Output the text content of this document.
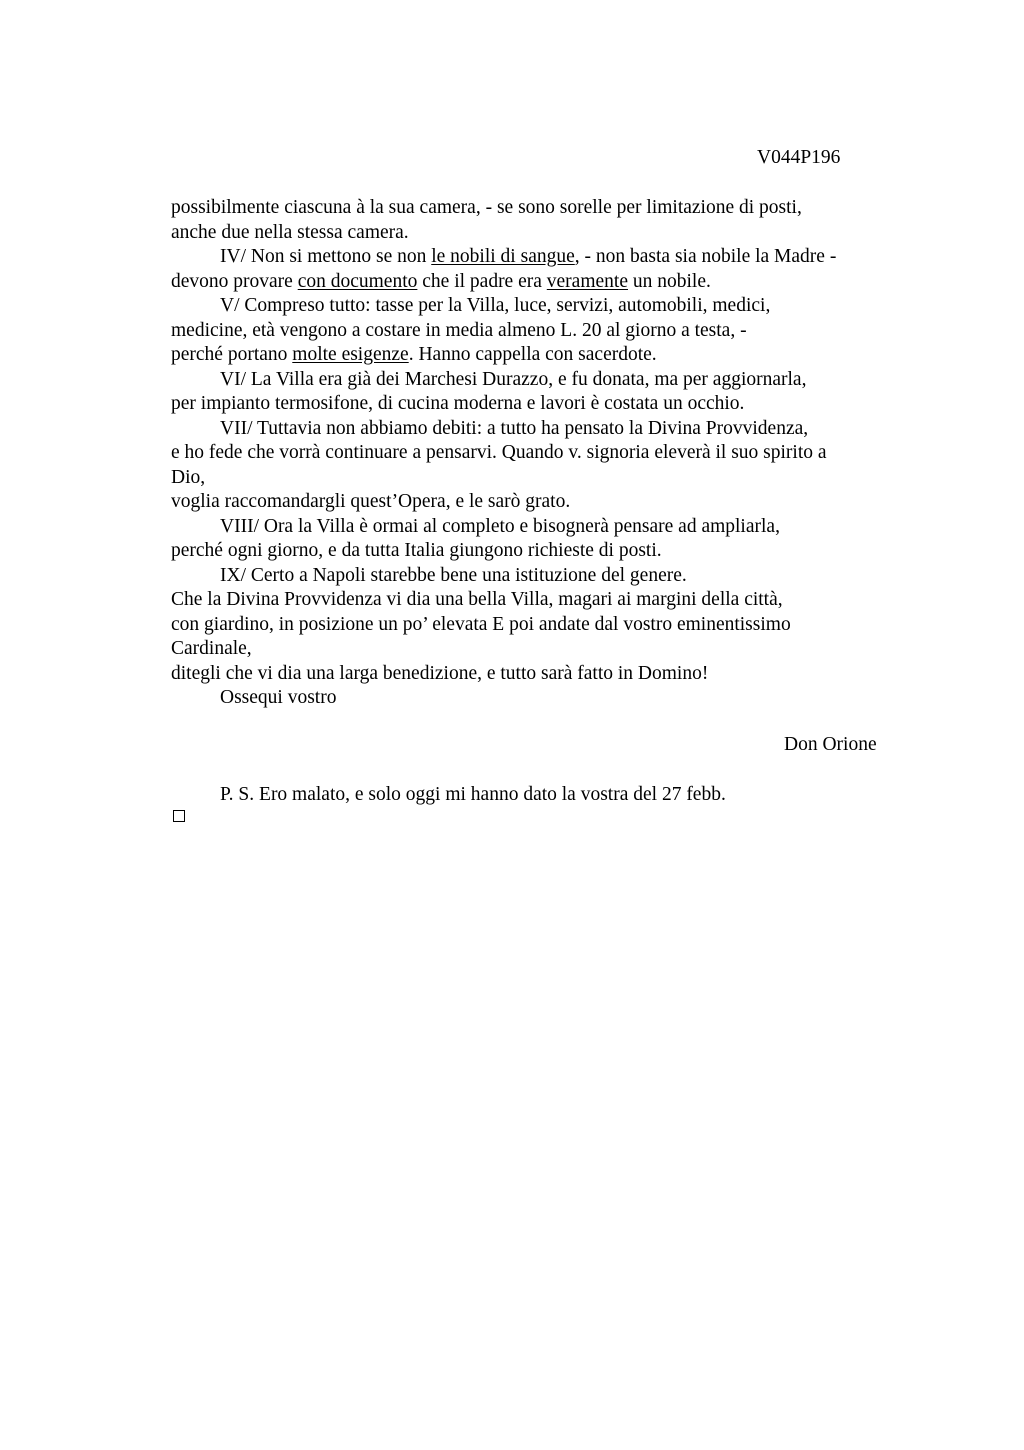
V044P196
possibilmente ciascuna à la sua camera, - se sono sorelle per limitazione di posti,
anche due nella stessa camera.
IV/ Non si mettono se non le nobili di sangue, - non basta sia nobile la Madre -
devono provare con documento che il padre era veramente un nobile.
V/ Compreso tutto: tasse per la Villa, luce, servizi, automobili, medici,
medicine, età vengono a costare in media almeno L. 20 al giorno a testa, -
perché portano molte esigenze. Hanno cappella con sacerdote.
VI/ La Villa era già dei Marchesi Durazzo, e fu donata, ma per aggiornarla,
per impianto termosifone, di cucina moderna e lavori è costata un occhio.
VII/ Tuttavia non abbiamo debiti: a tutto ha pensato la Divina Provvidenza,
e ho fede che vorrà continuare a pensarvi. Quando v. signoria eleverà il suo spirito a
Dio,
voglia raccomandargli quest’Opera, e le sarò grato.
VIII/ Ora la Villa è ormai al completo e bisognerà pensare ad ampliarla,
perché ogni giorno, e da tutta Italia giungono richieste di posti.
IX/ Certo a Napoli starebbe bene una istituzione del genere.
Che la Divina Provvidenza vi dia una bella Villa, magari ai margini della città,
con giardino, in posizione un po’ elevata E poi andate dal vostro eminentissimo
Cardinale,
ditegli che vi dia una larga benedizione, e tutto sarà fatto in Domino!
Ossequi vostro
Don Orione
P. S. Ero malato, e solo oggi mi hanno dato la vostra del 27 febb.
